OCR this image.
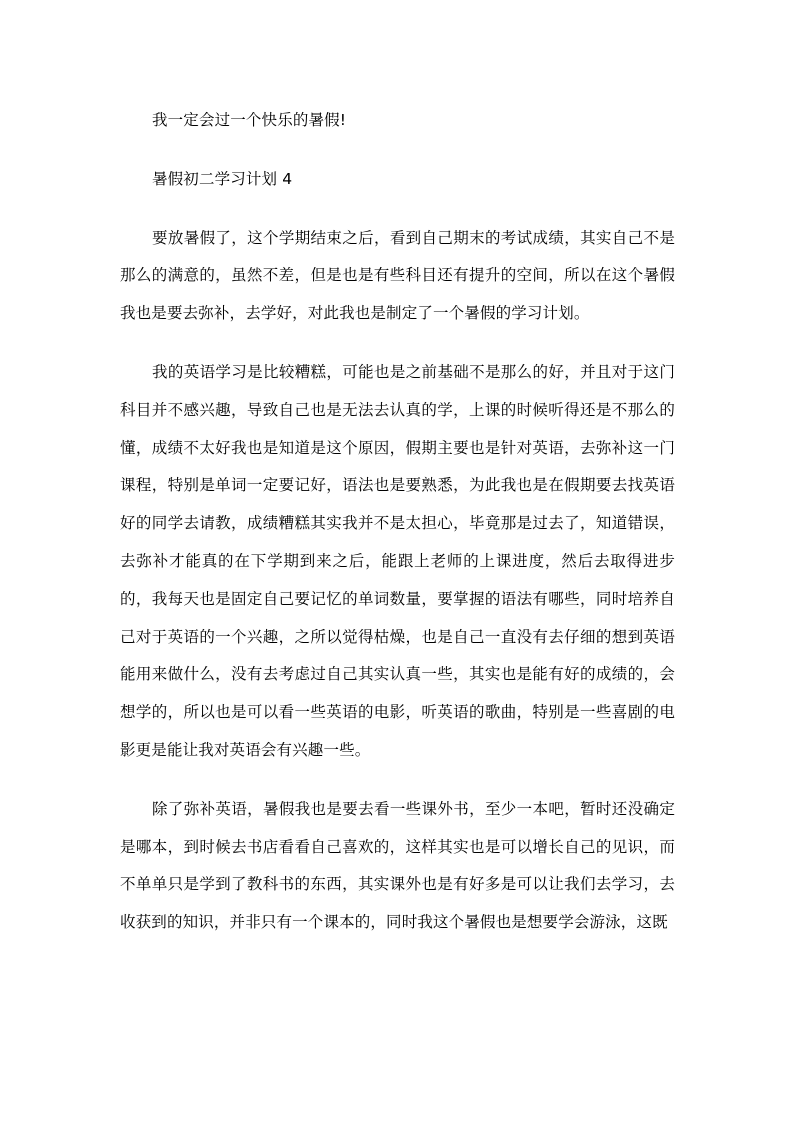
我一定会过一个快乐的暑假!

暑假初二学习计划 4

要放暑假了，这个学期结束之后，看到自己期末的考试成绩，其实自己不是那么的满意的，虽然不差，但是也是有些科目还有提升的空间，所以在这个暑假我也是要去弥补，去学好，对此我也是制定了一个暑假的学习计划。

我的英语学习是比较糟糕，可能也是之前基础不是那么的好，并且对于这门科目并不感兴趣，导致自己也是无法去认真的学，上课的时候听得还是不那么的懂，成绩不太好我也是知道是这个原因，假期主要也是针对英语，去弥补这一门课程，特别是单词一定要记好，语法也是要熟悉，为此我也是在假期要去找英语好的同学去请教，成绩糟糕其实我并不是太担心，毕竟那是过去了，知道错误，去弥补才能真的在下学期到来之后，能跟上老师的上课进度，然后去取得进步的，我每天也是固定自己要记忆的单词数量，要掌握的语法有哪些，同时培养自己对于英语的一个兴趣，之所以觉得枯燥，也是自己一直没有去仔细的想到英语能用来做什么，没有去考虑过自己其实认真一些，其实也是能有好的成绩的，会想学的，所以也是可以看一些英语的电影，听英语的歌曲，特别是一些喜剧的电影更是能让我对英语会有兴趣一些。

除了弥补英语，暑假我也是要去看一些课外书，至少一本吧，暂时还没确定是哪本，到时候去书店看看自己喜欢的，这样其实也是可以增长自己的见识，而不单单只是学到了教科书的东西，其实课外也是有好多是可以让我们去学习，去收获到的知识，并非只有一个课本的，同时我这个暑假也是想要学会游泳，这既
